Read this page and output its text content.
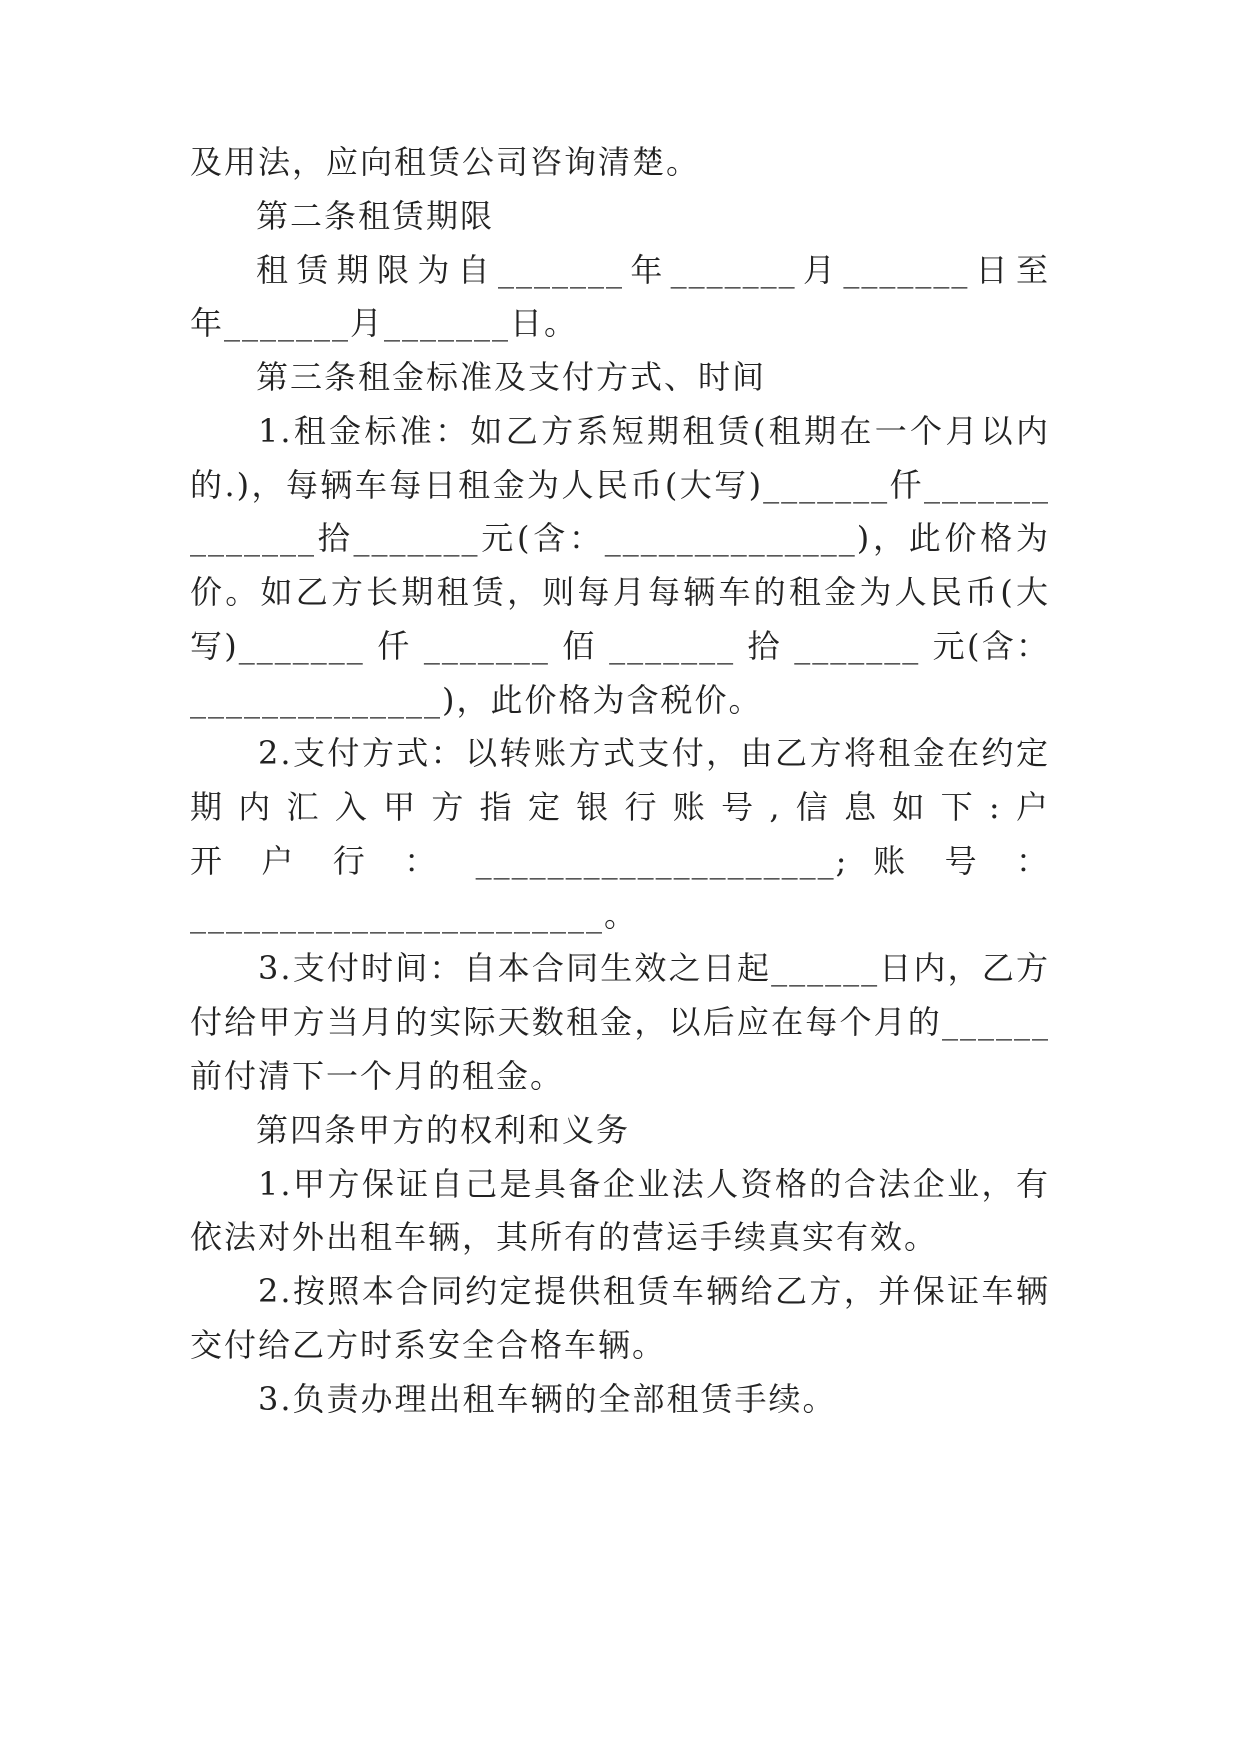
及用法，应向租赁公司咨询清楚。
第二条租赁期限
租赁期限为自_______年_______月_______日至
年_______月_______日。
第三条租金标准及支付方式、时间
1.租金标准：如乙方系短期租赁(租期在一个月以内
的.)，每辆车每日租金为人民币(大写)_______仟_______
_______拾_______元(含：______________)，此价格为
价。如乙方长期租赁，则每月每辆车的租金为人民币(大
写)_______ 仟 _______ 佰 _______ 拾 _______ 元(含：
______________)，此价格为含税价。
2.支付方式：以转账方式支付，由乙方将租金在约定
期内汇入甲方指定银行账号,信息如下:户
开 户 行 ： ____________________; 账 号 ：
_______________________。
3.支付时间：自本合同生效之日起______日内，乙方
付给甲方当月的实际天数租金，以后应在每个月的______
前付清下一个月的租金。
第四条甲方的权利和义务
1.甲方保证自己是具备企业法人资格的合法企业，有
依法对外出租车辆，其所有的营运手续真实有效。
2.按照本合同约定提供租赁车辆给乙方，并保证车辆
交付给乙方时系安全合格车辆。
3.负责办理出租车辆的全部租赁手续。
